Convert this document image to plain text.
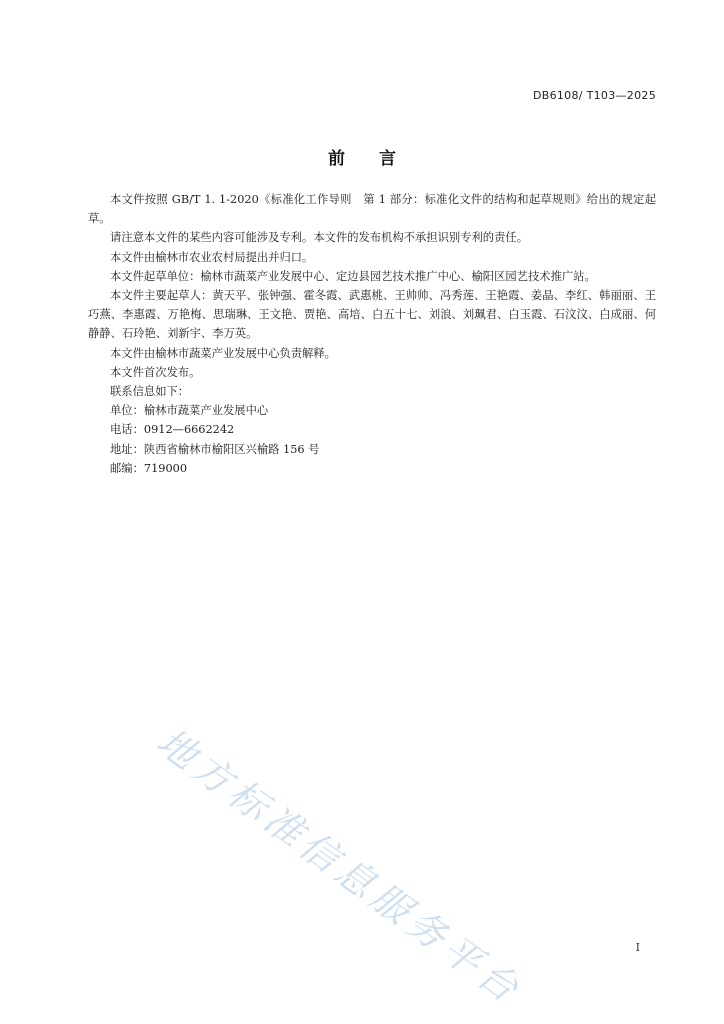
DB6108/ T103—2025
前言

本文件按照 GB/T 1. 1-2020《标准化工作导则　第 1 部分：标准化文件的结构和起草规则》给出的规定起草。

请注意本文件的某些内容可能涉及专利。本文件的发布机构不承担识别专利的责任。

本文件由榆林市农业农村局提出并归口。

本文件起草单位：榆林市蔬菜产业发展中心、定边县园艺技术推广中心、榆阳区园艺技术推广站。

本文件主要起草人：黄天平、张钟强、霍冬霞、武惠桃、王帅帅、冯秀莲、王艳霞、姜晶、李红、韩丽丽、王巧燕、李惠霞、万艳梅、思瑞琳、王文艳、贾艳、高培、白五十七、刘浪、刘珮君、白玉霞、石汶汶、白成丽、何静静、石玲艳、刘新宇、李万英。

本文件由榆林市蔬菜产业发展中心负责解释。

本文件首次发布。

联系信息如下：

单位：榆林市蔬菜产业发展中心

电话：0912—6662242

地址：陕西省榆林市榆阳区兴榆路 156 号

邮编：719000

地方标准信息服务平台	I
